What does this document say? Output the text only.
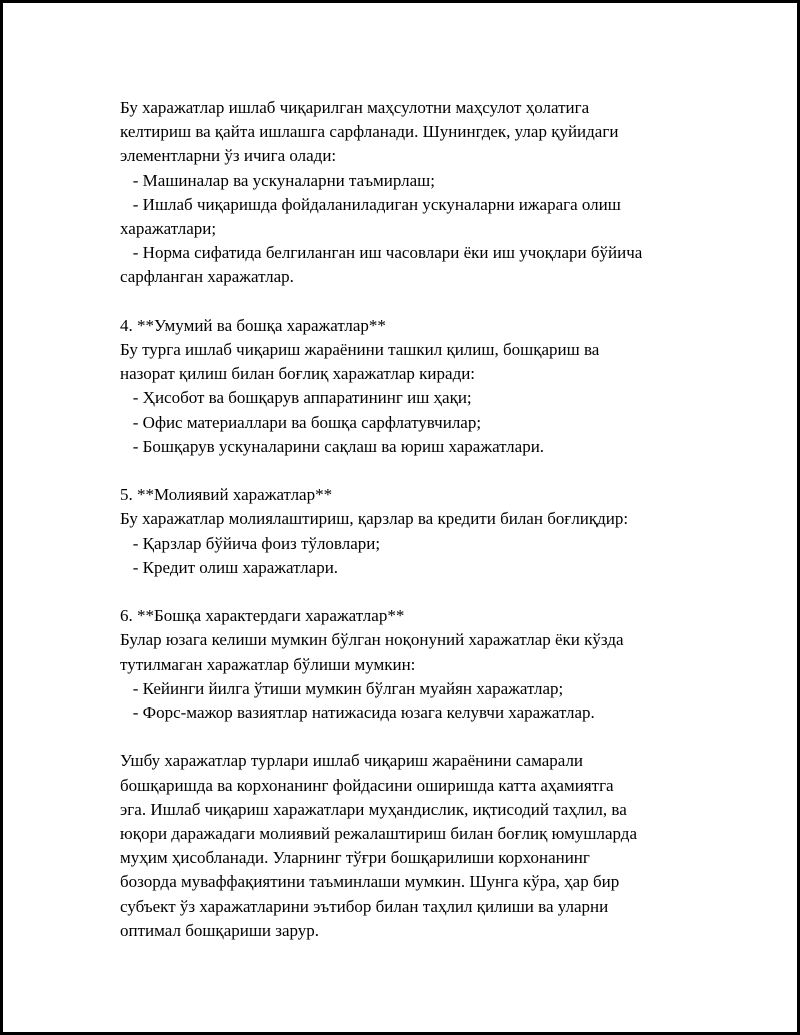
Бу харажатлар ишлаб чиқарилган маҳсулотни маҳсулот ҳолатига
келтириш ва қайта ишлашга сарфланади. Шунингдек, улар қуйидаги
элементларни ўз ичига олади:
- Машиналар ва ускуналарни таъмирлаш;
- Ишлаб чиқаришда фойдаланиладиган ускуналарни ижарага олиш
харажатлари;
- Норма сифатида белгиланган иш часовлари ёки иш учоқлари бўйича
сарфланган харажатлар.
4. **Умумий ва бошқа харажатлар**
Бу турга ишлаб чиқариш жараёнини ташкил қилиш, бошқариш ва
назорат қилиш билан боғлиқ харажатлар киради:
- Ҳисобот ва бошқарув аппаратининг иш ҳақи;
- Офис материаллари ва бошқа сарфлатувчилар;
- Бошқарув ускуналарини сақлаш ва юриш харажатлари.
5. **Молиявий харажатлар**
Бу харажатлар молиялаштириш, қарзлар ва кредити билан боғлиқдир:
- Қарзлар бўйича фоиз тўловлари;
- Кредит олиш харажатлари.
6. **Бошқа характердаги харажатлар**
Булар юзага келиши мумкин бўлган ноқонуний харажатлар ёки кўзда
тутилмаган харажатлар бўлиши мумкин:
- Кейинги йилга ўтиши мумкин бўлган муайян харажатлар;
- Форс-мажор вазиятлар натижасида юзага келувчи харажатлар.
Ушбу харажатлар турлари ишлаб чиқариш жараёнини самарали
бошқаришда ва корхонанинг фойдасини оширишда катта аҳамиятга
эга. Ишлаб чиқариш харажатлари муҳандислик, иқтисодий таҳлил, ва
юқори даражадаги молиявий режалаштириш билан боғлиқ юмушларда
муҳим ҳисобланади. Уларнинг тўғри бошқарилиши корхонанинг
бозорда муваффақиятини таъминлаши мумкин. Шунга кўра, ҳар бир
субъект ўз харажатларини эътибор билан таҳлил қилиши ва уларни
оптимал бошқариши зарур.
